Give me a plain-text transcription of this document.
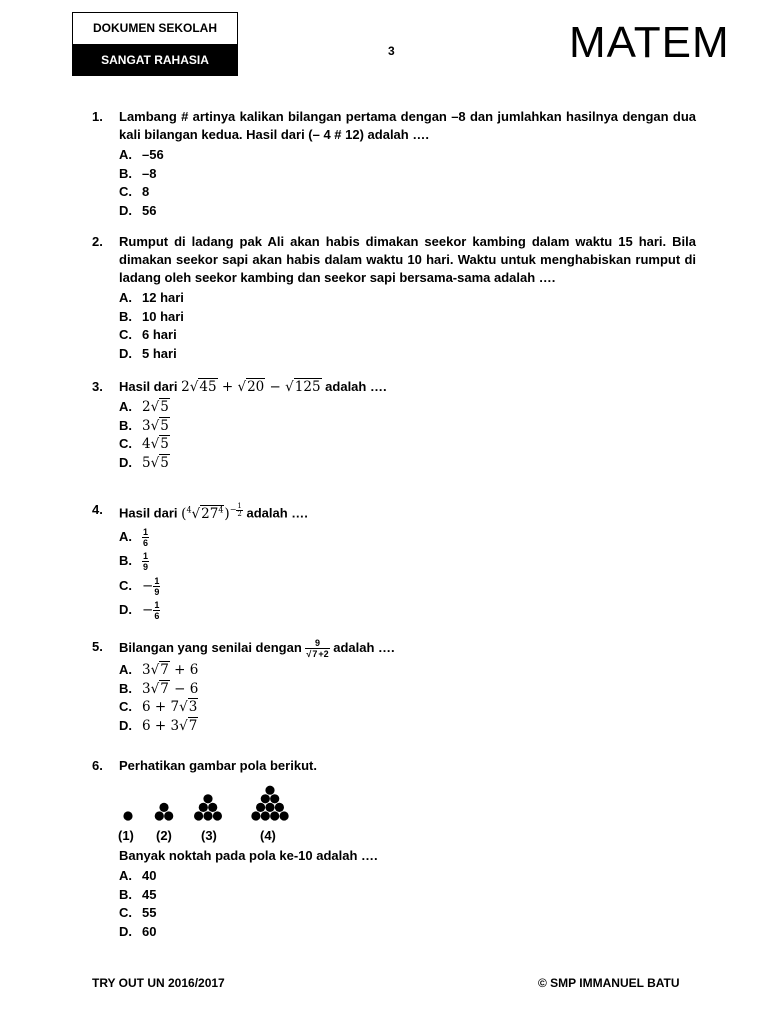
DOKUMEN SEKOLAH
SANGAT RAHASIA
3	MATEM
1. Lambang # artinya kalikan bilangan pertama dengan –8 dan jumlahkan hasilnya dengan dua kali bilangan kedua. Hasil dari (– 4 # 12) adalah ….
A. –56
B. –8
C. 8
D. 56
2. Rumput di ladang pak Ali akan habis dimakan seekor kambing dalam waktu 15 hari. Bila dimakan seekor sapi akan habis dalam waktu 10 hari. Waktu untuk menghabiskan rumput di ladang oleh seekor kambing dan seekor sapi bersama-sama adalah ….
A. 12 hari
B. 10 hari
C. 6 hari
D. 5 hari
3. Hasil dari 2√45 + √20 − √125 adalah ….
A. 2√5
B. 3√5
C. 4√5
D. 5√5
4. Hasil dari $(^4√27^4)^{- \frac{1}{2}}$ adalah ….
A. $\frac{1}{6}$
B. $\frac{1}{9}$
C. − $\frac{1}{9}$
D. − $\frac{1}{6}$
5. Bilangan yang senilai dengan $\frac{9}{√7+2}$ adalah ….
A. 3√7 + 6
B. 3√7 − 6
C. 6 + 7√3
D. 6 + 3√7
6. Perhatikan gambar pola berikut.
(1) (2) (3)	(4)
Banyak noktah pada pola ke-10 adalah ….
A. 40
B. 45
C. 55
D. 60
TRY OUT UN 2016/2017	© SMP IMMANUEL BATU
